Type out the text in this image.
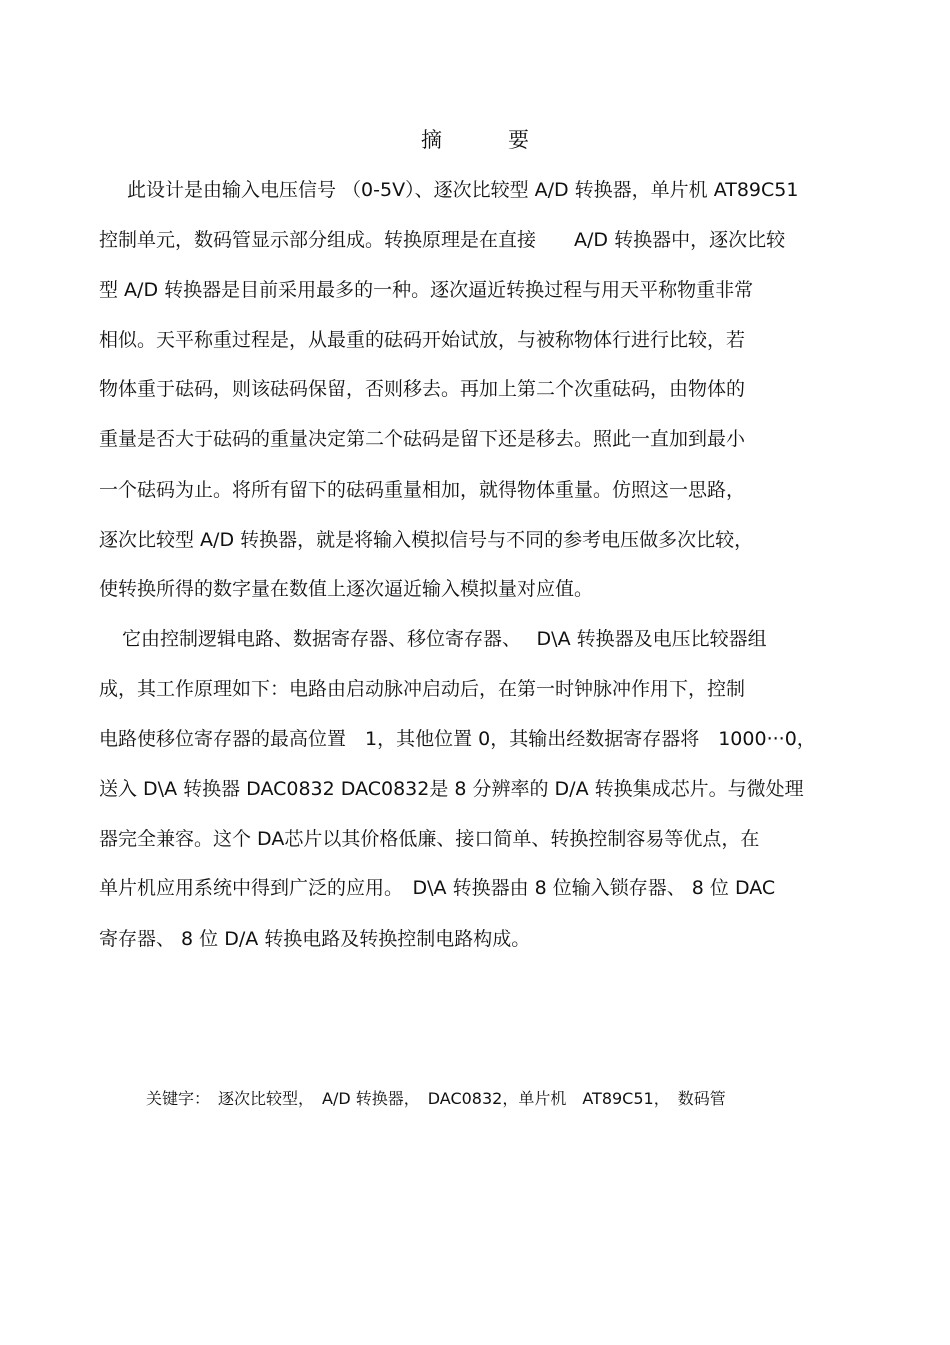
摘	要
　此设计是由输入电压信号 （0-5V）、逐次比较型 A/D 转换器，单片机 AT89C51
控制单元，数码管显示部分组成。转换原理是在直接　　A/D 转换器中，逐次比较
型 A/D 转换器是目前采用最多的一种。逐次逼近转换过程与用天平称物重非常
相似。天平称重过程是，从最重的砝码开始试放，与被称物体行进行比较，若
物体重于砝码，则该砝码保留，否则移去。再加上第二个次重砝码，由物体的
重量是否大于砝码的重量决定第二个砝码是留下还是移去。照此一直加到最小
一个砝码为止。将所有留下的砝码重量相加，就得物体重量。仿照这一思路，
逐次比较型 A/D 转换器，就是将输入模拟信号与不同的参考电压做多次比较，
使转换所得的数字量在数值上逐次逼近输入模拟量对应值。
　它由控制逻辑电路、数据寄存器、移位寄存器、　 D\A 转换器及电压比较器组
成，其工作原理如下：电路由启动脉冲启动后，在第一时钟脉冲作用下，控制
电路使移位寄存器的最高位置　1，其他位置 0，其输出经数据寄存器将　1000···0，
送入 D\A 转换器 DAC0832 DAC0832是 8 分辨率的 D/A 转换集成芯片。与微处理
器完全兼容。这个 DA芯片以其价格低廉、接口简单、转换控制容易等优点，在
单片机应用系统中得到广泛的应用。　D\A 转换器由 8 位输入锁存器、 8 位 DAC
寄存器、 8 位 D/A 转换电路及转换控制电路构成。
关键字：　逐次比较型，　A/D 转换器，　DAC0832，单片机　AT89C51，　数码管
